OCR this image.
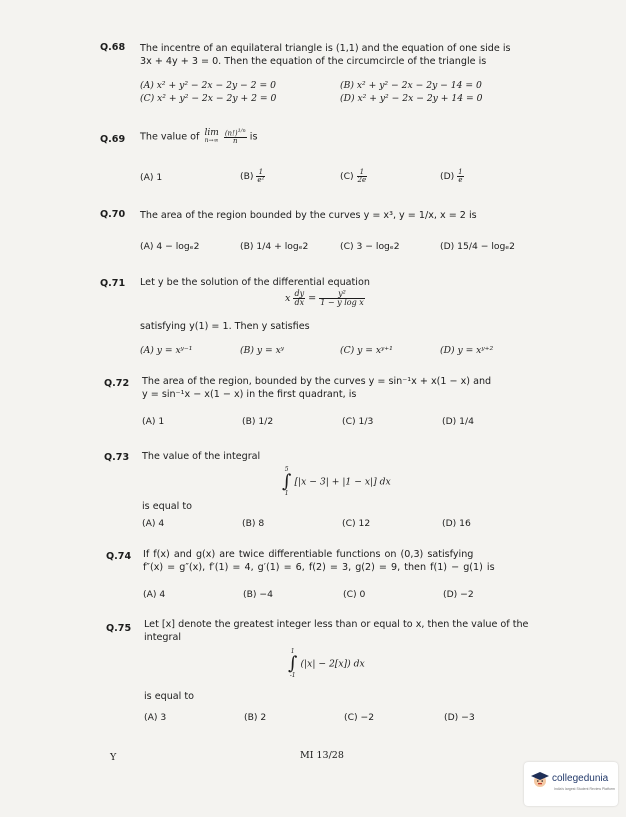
Q.68 The incentre of an equilateral triangle is (1,1) and the equation of one side is
3x + 4y + 3 = 0. Then the equation of the circumcircle of the triangle is
(A) x² + y² − 2x − 2y − 2 = 0	(B) x² + y² − 2x − 2y − 14 = 0
(C) x² + y² − 2x − 2y + 2 = 0	(D) x² + y² − 2x − 2y + 14 = 0
Q.69 The value of lim
n→∞
$\frac{(n!)^{1/n}}{n}$ is
(A) 1	$(B) \frac{1}{\text{e²}}$	$(C) \frac{1}{2e}$	$(D) \frac{1}{e}$
Q.70 The area of the region bounded by the curves y = x³, y = 1/x, x = 2 is
(A) 4 − logₑ2	(B) 1/4 + logₑ2	(C) 3 − logₑ2	(D) 15/4 − logₑ2
Q.71 Let y be the solution of the differential equation
x $\frac{dy}{dx} = \frac{\text{y²}}{\text{1 − y log x}}$
satisfying y(1) = 1. Then y satisfies
(A) y = xʸ⁻¹	(B) y = xʸ	(C) y = xʸ⁺¹	(D) y = xʸ⁺²
Q.72 The area of the region, bounded by the curves y = sin⁻¹x + x(1 − x) and
y = sin⁻¹x − x(1 − x) in the first quadrant, is
(A) 1	(B) 1/2	(C) 1/3	(D) 1/4
Q.73 The value of the integral
5
∫
1
[|x − 3| + |1 − x|] dx
is equal to
(A) 4	(B) 8	(C) 12	(D) 16
Q.74 If f(x) and g(x) are twice differentiable functions on (0,3) satisfying
f″(x) = g″(x), f′(1) = 4, g′(1) = 6, f(2) = 3, g(2) = 9, then f(1) − g(1) is
(A) 4	(B) −4	(C) 0	(D) −2
Q.75 Let [x] denote the greatest integer less than or equal to x, then the value of the
integral
1
∫
-1
(|x| − 2[x]) dx
is equal to
(A) 3	(B) 2	(C) −2	(D) −3
Y	MI 13/28
collegedunia
India's largest Student Review Platform
